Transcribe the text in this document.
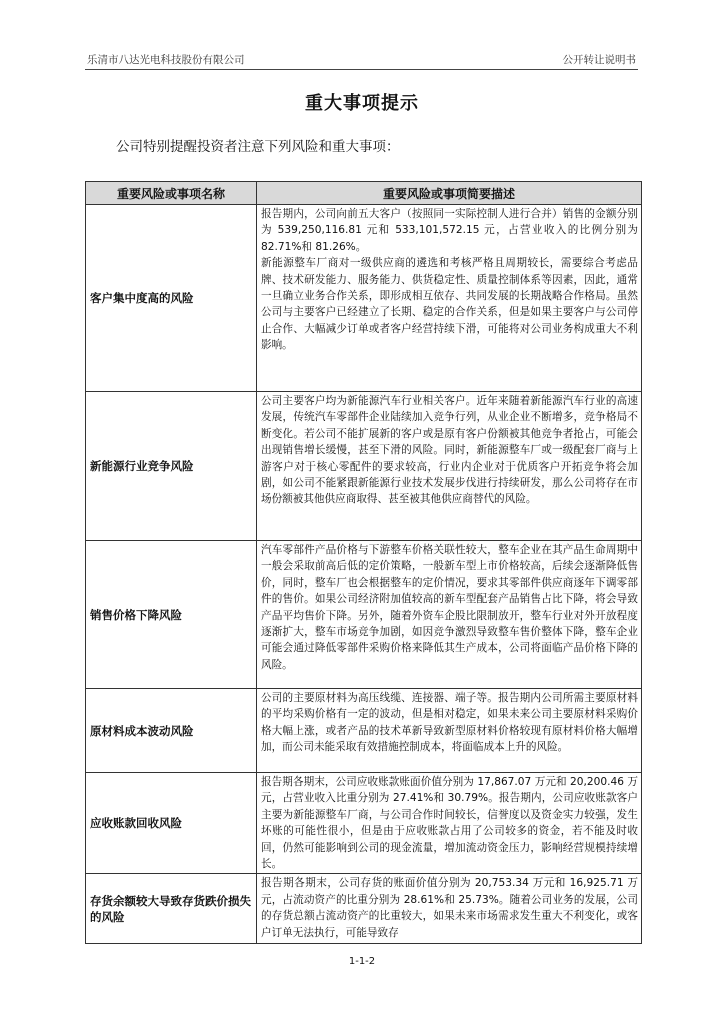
乐清市八达光电科技股份有限公司	公开转让说明书
重大事项提示
公司特别提醒投资者注意下列风险和重大事项：
重要风险或事项名称	重要风险或事项简要描述
客户集中度高的风险	报告期内，公司向前五大客户（按照同一实际控制人进行合并）销售的金额分别为 539,250,116.81 元和 533,101,572.15 元，占营业收入的比例分别为 82.71%和 81.26%。

新能源整车厂商对一级供应商的遴选和考核严格且周期较长，需要综合考虑品牌、技术研发能力、服务能力、供货稳定性、质量控制体系等因素，因此，通常一旦确立业务合作关系，即形成相互依存、共同发展的长期战略合作格局。虽然公司与主要客户已经建立了长期、稳定的合作关系，但是如果主要客户与公司停止合作、大幅减少订单或者客户经营持续下滑，可能将对公司业务构成重大不利影响。

新能源行业竞争风险	公司主要客户均为新能源汽车行业相关客户。近年来随着新能源汽车行业的高速发展，传统汽车零部件企业陆续加入竞争行列，从业企业不断增多，竞争格局不断变化。若公司不能扩展新的客户或是原有客户份额被其他竞争者抢占，可能会出现销售增长缓慢，甚至下滑的风险。同时，新能源整车厂或一级配套厂商与上游客户对于核心零配件的要求较高，行业内企业对于优质客户开拓竞争将会加剧，如公司不能紧跟新能源行业技术发展步伐进行持续研发，那么公司将存在市场份额被其他供应商取得、甚至被其他供应商替代的风险。

销售价格下降风险	汽车零部件产品价格与下游整车价格关联性较大，整车企业在其产品生命周期中一般会采取前高后低的定价策略，一般新车型上市价格较高，后续会逐渐降低售价，同时，整车厂也会根据整车的定价情况，要求其零部件供应商逐年下调零部件的售价。如果公司经济附加值较高的新车型配套产品销售占比下降，将会导致产品平均售价下降。另外，随着外资车企股比限制放开，整车行业对外开放程度逐渐扩大，整车市场竞争加剧，如因竞争激烈导致整车售价整体下降，整车企业可能会通过降低零部件采购价格来降低其生产成本，公司将面临产品价格下降的风险。

原材料成本波动风险	公司的主要原材料为高压线缆、连接器、端子等。报告期内公司所需主要原材料的平均采购价格有一定的波动，但是相对稳定，如果未来公司主要原材料采购价格大幅上涨，或者产品的技术革新导致新型原材料价格较现有原材料价格大幅增加，而公司未能采取有效措施控制成本，将面临成本上升的风险。

应收账款回收风险	报告期各期末，公司应收账款账面价值分别为 17,867.07 万元和 20,200.46 万元，占营业收入比重分别为 27.41%和 30.79%。报告期内，公司应收账款客户主要为新能源整车厂商，与公司合作时间较长，信誉度以及资金实力较强，发生坏账的可能性很小，但是由于应收账款占用了公司较多的资金，若不能及时收回，仍然可能影响到公司的现金流量，增加流动资金压力，影响经营规模持续增长。

存货余额较大导致存货跌价损失的风险	报告期各期末，公司存货的账面价值分别为 20,753.34 万元和 16,925.71 万元，占流动资产的比重分别为 28.61%和 25.73%。随着公司业务的发展，公司的存货总额占流动资产的比重较大，如果未来市场需求发生重大不利变化，或客户订单无法执行，可能导致存

1-1-2
